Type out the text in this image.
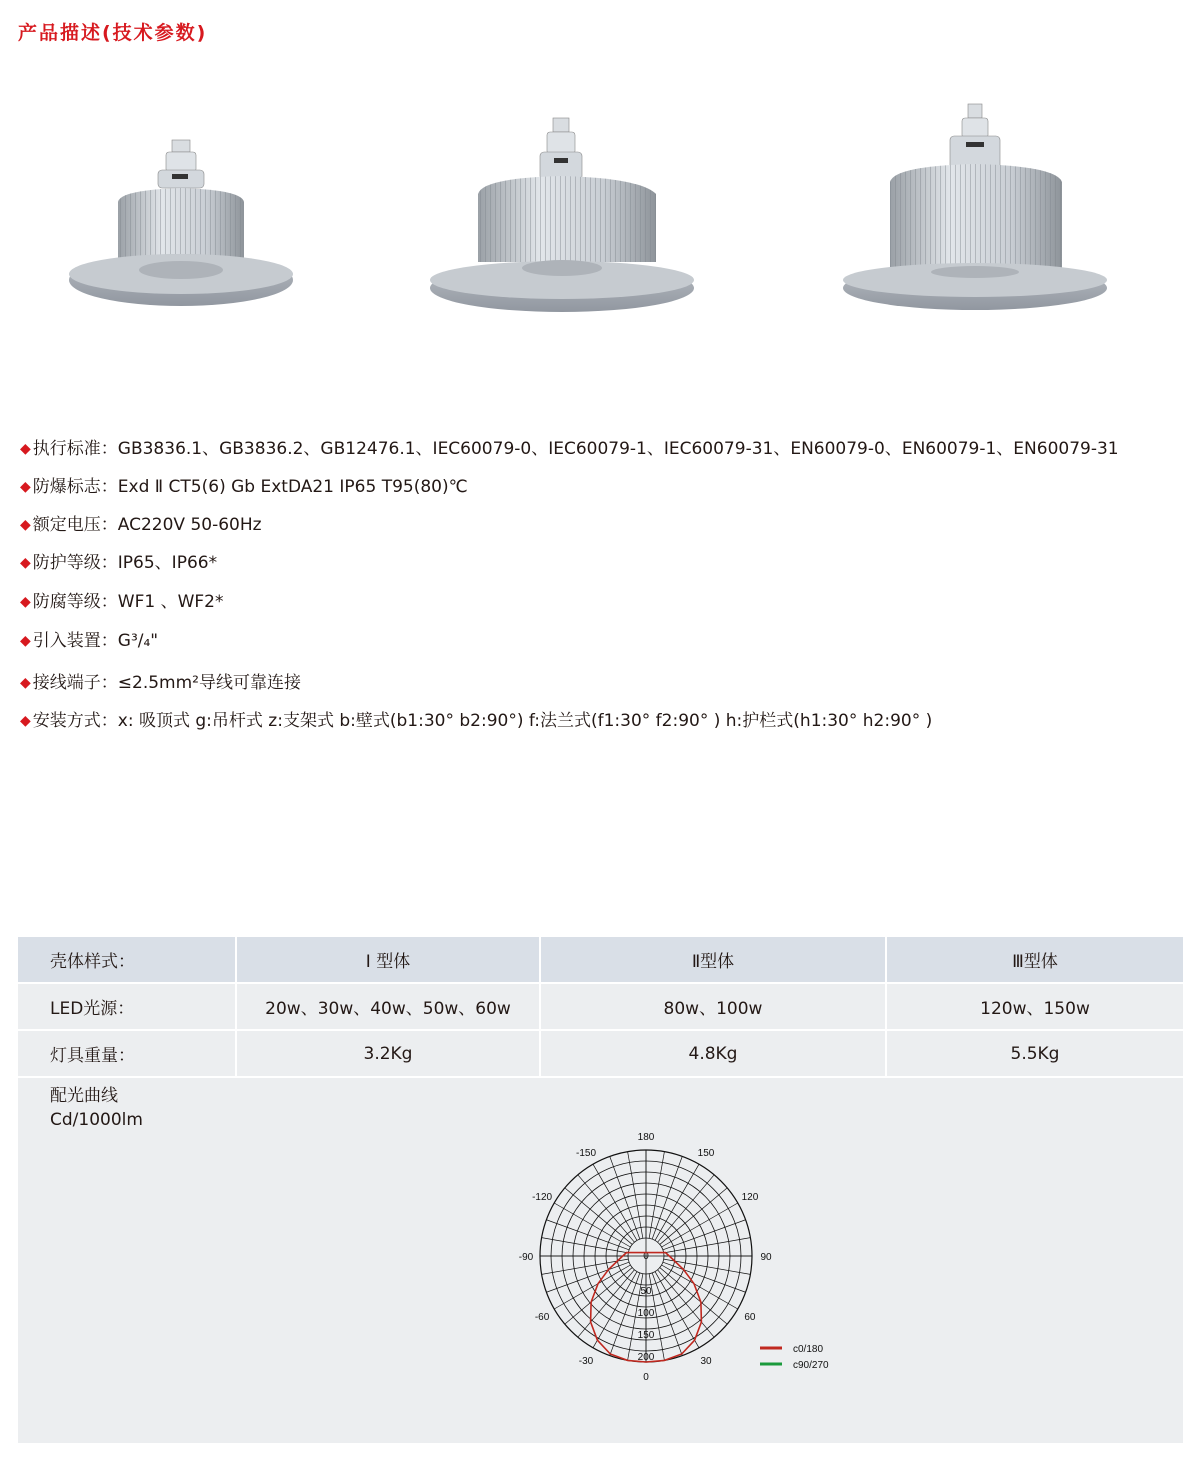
产品描述(技术参数)
◆ 执行标准：GB3836.1、GB3836.2、GB12476.1、IEC60079-0、IEC60079-1、IEC60079-31、EN60079-0、EN60079-1、EN60079-31
◆ 防爆标志：Exd Ⅱ CT5(6) Gb ExtDA21 IP65 T95(80)℃
◆ 额定电压：AC220V 50-60Hz
◆ 防护等级：IP65、IP66*
◆ 防腐等级：WF1 、WF2*
◆ 引入装置：G³/₄"
◆ 接线端子：≤2.5mm²导线可靠连接
◆ 安装方式：x: 吸顶式 g:吊杆式 z:支架式 b:壁式(b1:30° b2:90°) f:法兰式(f1:30° f2:90° ) h:护栏式(h1:30° h2:90° )
壳体样式：	Ⅰ 型体	Ⅱ型体	Ⅲ型体
LED光源：	20w、30w、40w、50w、60w	80w、100w	120w、150w
灯具重量：	3.2Kg	4.8Kg	5.5Kg
配光曲线
Cd/1000lm
180
150
120
90
60
30
0
-30
-60
-90
-120
-150
0
50
100
150
200
c0/180
c90/270
